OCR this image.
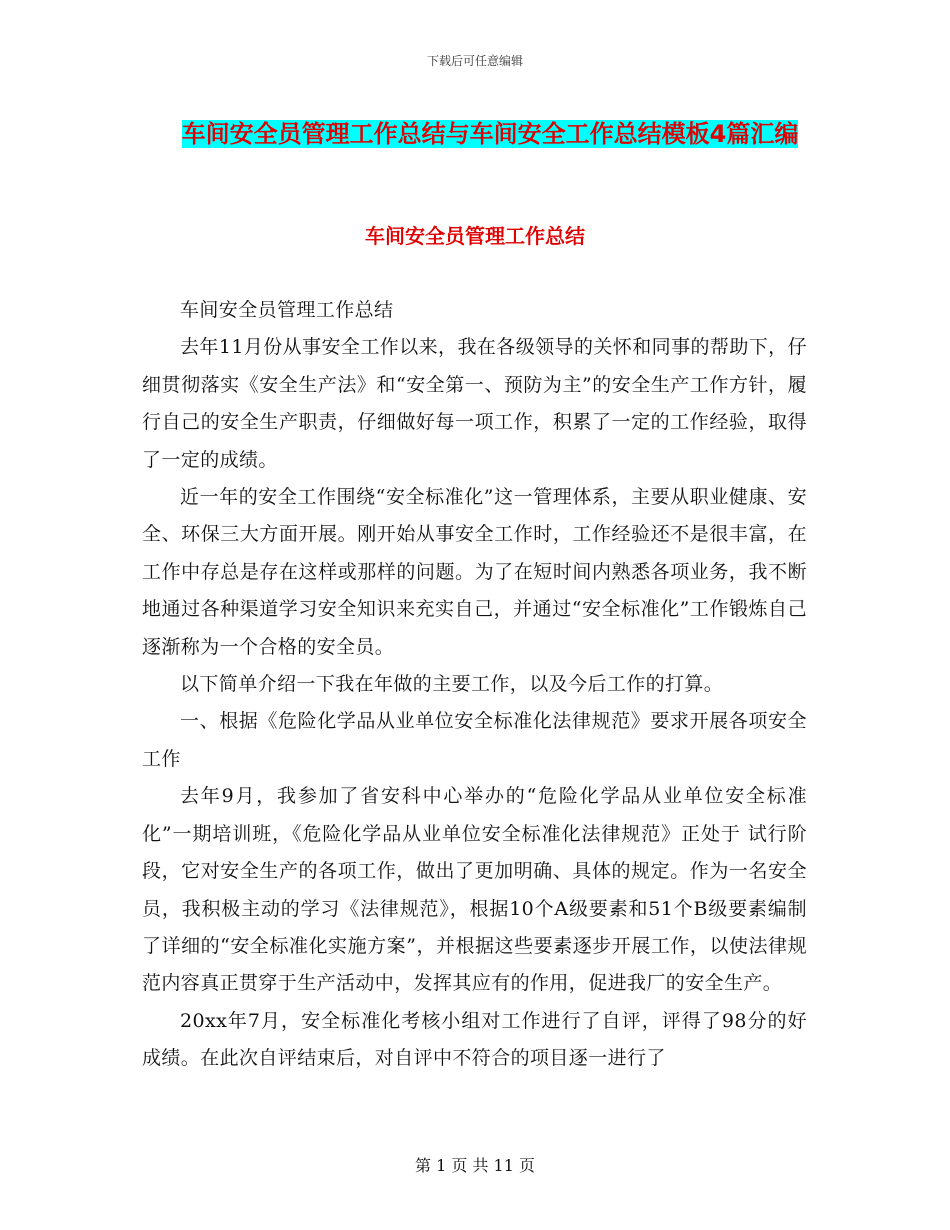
下载后可任意编辑
车间安全员管理工作总结与车间安全工作总结模板4篇汇编
车间安全员管理工作总结

车间安全员管理工作总结

去年11月份从事安全工作以来，我在各级领导的关怀和同事的帮助下，仔细贯彻落实《安全生产法》和“安全第一、预防为主”的安全生产工作方针，履行自己的安全生产职责，仔细做好每一项工作，积累了一定的工作经验，取得了一定的成绩。

近一年的安全工作围绕“安全标准化”这一管理体系，主要从职业健康、安全、环保三大方面开展。刚开始从事安全工作时，工作经验还不是很丰富，在工作中存总是存在这样或那样的问题。为了在短时间内熟悉各项业务，我不断地通过各种渠道学习安全知识来充实自己，并通过“安全标准化”工作锻炼自己逐渐称为一个合格的安全员。

以下简单介绍一下我在年做的主要工作，以及今后工作的打算。

一、根据《危险化学品从业单位安全标准化法律规范》要求开展各项安全工作

去年9月，我参加了省安科中心举办的“危险化学品从业单位安全标准化”一期培训班，《危险化学品从业单位安全标准化法律规范》正处于 试行阶段，它对安全生产的各项工作，做出了更加明确、具体的规定。作为一名安全员，我积极主动的学习《法律规范》，根据10个A级要素和51个B级要素编制了详细的“安全标准化实施方案”，并根据这些要素逐步开展工作，以使法律规范内容真正贯穿于生产活动中，发挥其应有的作用，促进我厂的安全生产。

20xx年7月，安全标准化考核小组对工作进行了自评，评得了98分的好成绩。在此次自评结束后，对自评中不符合的项目逐一进行了

第 1 页 共 11 页
